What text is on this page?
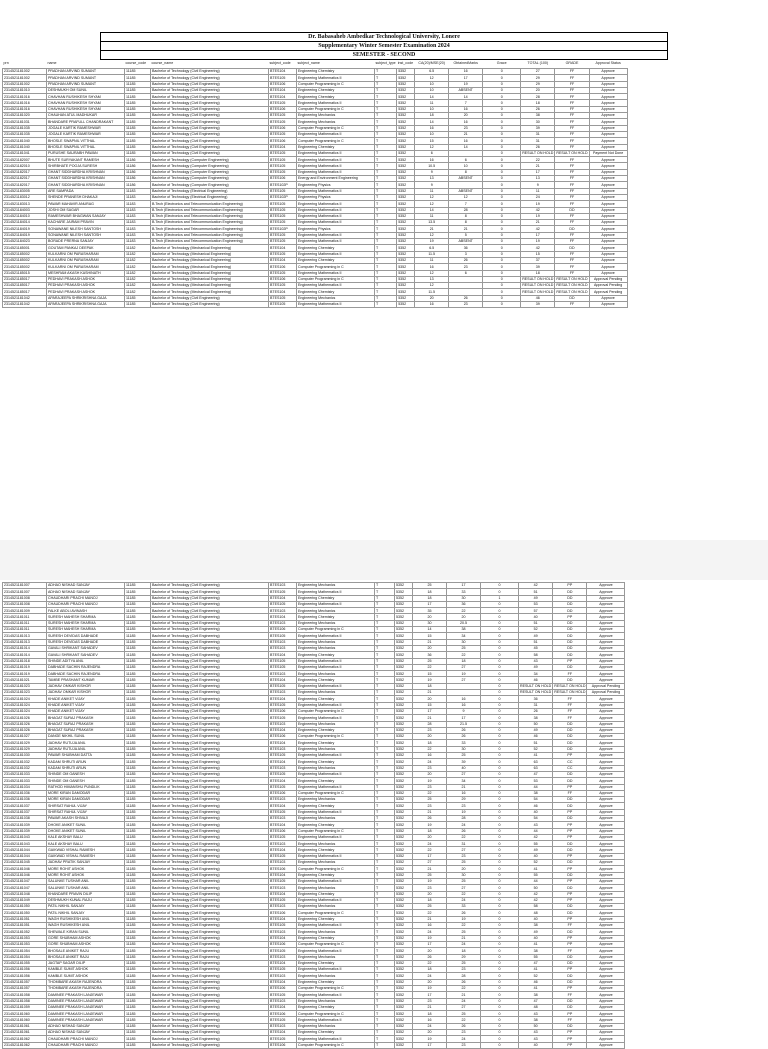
Dr. Babasaheb Ambedkar Technological University, Lonere
Supplementary Winter Semester Examination 2024
SEMESTER - SECOND
prn	name	course_code	course_name	subject_code	subject_name	subject_type	inst_code	CA(20)/MSE(20)	ObtainedMarks	Grace	TOTAL (100)	GRADE	Approval Status
2314521181002	PRADHAN ARVIND SUMANT	11185	Bachelor of Technology (Civil Engineering)	BTES104	Engineering Chemistry	T	5352	6.5	16	0	27	FF	Approve
2314521181002	PRADHAN ARVIND SUMANT	11185	Bachelor of Technology (Civil Engineering)	BTES105	Engineering Mathematics II	T	5352	12	17	0	29	FF	Approve
2314521181002	PRADHAN ARVIND SUMANT	11185	Bachelor of Technology (Civil Engineering)	BTES106	Computer Programming in C	T	5352	10	19	0	29	FF	Approve
2314521181010	DESHMUKH OM SUNIL	11185	Bachelor of Technology (Civil Engineering)	BTES104	Engineering Chemistry	T	5352	10	ABSENT	0	20	FF	Approve
2314521181016	CHAVHAN RUSHIKESH SHYAM	11185	Bachelor of Technology (Civil Engineering)	BTES104	Engineering Chemistry	T	5352	14	14	0	28	FF	Approve
2314521181016	CHAVHAN RUSHIKESH SHYAM	11185	Bachelor of Technology (Civil Engineering)	BTES105	Engineering Mathematics II	T	5352	11	7	0	18	FF	Approve
2314521181016	CHAVHAN RUSHIKESH SHYAM	11185	Bachelor of Technology (Civil Engineering)	BTES106	Computer Programming in C	T	5352	10	16	0	26	FF	Approve
2314521181020	CHAUHAN ATUL MADHUKAR	11185	Bachelor of Technology (Civil Engineering)	BTES105	Engineering Mechanics	T	5352	18	20	0	38	FF	Approve
2314521181031	BHANDARE PRAFULL CHANDRAKANT	11185	Bachelor of Technology (Civil Engineering)	BTES105	Engineering Mechanics	T	5352	14	16	0	30	FF	Approve
2314521181035	JOGALE KARTIK RAMESHWAR	11185	Bachelor of Technology (Civil Engineering)	BTES106	Computer Programming in C	T	5352	16	23	0	39	FF	Approve
2314521181035	JOGALE KARTIK RAMESHWAR	11185	Bachelor of Technology (Civil Engineering)	BTES105	Engineering Mathematics II	T	5352	10	21	0	31	FF	Approve
2314521181040	BHOSLE SWAPNIL VITTHAL	11185	Bachelor of Technology (Civil Engineering)	BTES106	Computer Programming in C	T	5352	15	16	0	31	FF	Approve
2314521181040	BHOSLE SWAPNIL VITTHAL	11185	Bachelor of Technology (Civil Engineering)	BTES104	Engineering Chemistry	T	5352	12	14	0	26	FF	Approve
2314521181041	PURUSHE SAURABH PAWAN	11185	Bachelor of Technology (Civil Engineering)	BTES105	Engineering Mathematics II	T	5352	6		0	RESULT ON HOLD	RESULT ON HOLD	Payment Not Done
2314521182007	BHUTE SURYAKANT RAMESH	11186	Bachelor of Technology (Computer Engineering)	BTES105	Engineering Mathematics II	T	5352	16	6	0	22	FF	Approve
2314521182010	SHIRBHATE POOJA SURESH	11186	Bachelor of Technology (Computer Engineering)	BTES105	Engineering Mathematics II	T	5352	10.5	10	0	21	FF	Approve
2314521182017	GHANT SIDDHARDHA KRISHNAN	11186	Bachelor of Technology (Computer Engineering)	BTES105	Engineering Mathematics II	T	5352	9	8	0	17	FF	Approve
2314521182017	GHANT SIDDHARDHA KRISHNAN	11186	Bachelor of Technology (Computer Engineering)	BTES106	Energy and Environment Engineering	T	5352	13	ABSENT	0	13	FF	Approve
2314521182017	GHANT SIDDHARDHA KRISHNAN	11186	Bachelor of Technology (Computer Engineering)	BTES102P	Engineering Physics	T	5352	9		0	9	FF	Approve
2314521183005	ARE SAMPADA	11183	Bachelor of Technology (Electrical Engineering)	BTES105	Engineering Mathematics II	T	5352	11	ABSENT	0	11	FF	Approve
2314521183012	SHENDE PRANESH DHAKAJI	11183	Bachelor of Technology (Electrical Engineering)	BTES102P	Engineering Physics	T	5352	12	12	0	24	FF	Approve
2314521183013	PAWAR MAHAVIR ANURAG	11183	B.Tech (Electronics and Telecommunication Engineering)	BTES105	Engineering Mathematics II	T	5352	12	7	0	19	FF	Approve
2314521184003	JOSHI OM SAGAR	11183	B.Tech (Electronics and Telecommunication Engineering)	BTES105	Engineering Mathematics II	T	5352	14	28	0	42	DD	Approve
2314521184010	RAMESHWAR BHAGWAN SANJAY	11183	B.Tech (Electronics and Telecommunication Engineering)	BTES105	Engineering Mathematics II	T	5352	11	8	0	19	FF	Approve
2314521184014	KACHARE JAIRAM PRAVIN	11183	B.Tech (Electronics and Telecommunication Engineering)	BTES105	Engineering Mathematics II	T	5352	13.5	8	0	21	FF	Approve
2314521184019	SONAWANE NILESH SANTOSH	11183	B.Tech (Electronics and Telecommunication Engineering)	BTES102P	Engineering Physics	T	5352	21	21	0	42	DD	Approve
2314521184019	SONAWANE NILESH SANTOSH	11183	B.Tech (Electronics and Telecommunication Engineering)	BTES105	Engineering Mathematics II	T	5352	12	5	0	17	FF	Approve
2314521184023	BORADE PRERNA SANJAY	11183	B.Tech (Electronics and Telecommunication Engineering)	BTES105	Engineering Mathematics II	T	5352	19	ABSENT	0	19	FF	Approve
2314521185001	GOUTAM PANKAJ DEEPAK	11182	Bachelor of Technology (Mechanical Engineering)	BTES104	Engineering Chemistry	T	5352	6.5	36	0	42	DD	Approve
2314521185002	KULKARNI OM PARASHARAM	11182	Bachelor of Technology (Mechanical Engineering)	BTES105	Engineering Mathematics II	T	5352	11.5	3	0	15	FF	Approve
2314521185002	KULKARNI OM PARASHARAM	11182	Bachelor of Technology (Mechanical Engineering)	BTES104	Engineering Chemistry	T	5352	11	26	0	37	FF	Approve
2314521185002	KULKARNI OM PARASHARAM	11182	Bachelor of Technology (Mechanical Engineering)	BTES106	Computer Programming in C	T	5352	16	23	0	39	FF	Approve
2314521185015	MESHRAM AKASH KASHINATH	11182	Bachelor of Technology (Mechanical Engineering)	BTES105	Engineering Mathematics II	T	5352	12	6	0	18	FF	Approve
2314521185017	PEDHAVI PRAKASH ASHOK	11182	Bachelor of Technology (Mechanical Engineering)	BTES106	Computer Programming in C	T	5352	13		0	RESULT ON HOLD	RESULT ON HOLD	Approval Pending
2314521185017	PEDHAVI PRAKASH ASHOK	11182	Bachelor of Technology (Mechanical Engineering)	BTES105	Engineering Mathematics II	T	5352	12		0	RESULT ON HOLD	RESULT ON HOLD	Approval Pending
2314521185017	PEDHAVI PRAKASH ASHOK	11182	Bachelor of Technology (Mechanical Engineering)	BTES104	Engineering Chemistry	T	5352	11.5		0	RESULT ON HOLD	RESULT ON HOLD	Approval Pending
2314521181042	APARAJEEPA SHRIKRISHNA GAJA	11185	Bachelor of Technology (Civil Engineering)	BTES105	Engineering Mechanics	T	5352	20	26	0	46	DD	Approve
2314521181042	APARAJEEPA SHRIKRISHNA GAJA	11185	Bachelor of Technology (Civil Engineering)	BTES105	Engineering Mathematics II	T	5352	16	23	0	39	FF	Approve
2314521181007	ADHAO NISHAD SANJAY	11185	Bachelor of Technology (Civil Engineering)	BTES103	Engineering Mechanics	T	5352	25	17	0	42	PP	Approve
2314521181007	ADHAO NISHAD SANJAY	11185	Bachelor of Technology (Civil Engineering)	BTES105	Engineering Mathematics II	T	5352	18	33	0	51	DD	Approve
2314521181008	CHAUDHARI PRACHI MANOJ	11185	Bachelor of Technology (Civil Engineering)	BTES104	Engineering Chemistry	T	5352	18	30	1	49	DD	Approve
2314521181008	CHAUDHARI PRACHI MANOJ	11185	Bachelor of Technology (Civil Engineering)	BTES105	Engineering Mathematics II	T	5352	17	36	0	53	DD	Approve
2314521181009	FALKE ABOLI AVINASH	11185	Bachelor of Technology (Civil Engineering)	BTES103	Engineering Mechanics	T	5352	35	22	0	57	DD	Approve
2314521181011	SURESH MAHESH SHARMA	11185	Bachelor of Technology (Civil Engineering)	BTES104	Engineering Chemistry	T	5352	20	20	0	40	PP	Approve
2314521181011	SURESH MAHESH SHARMA	11185	Bachelor of Technology (Civil Engineering)	BTES103	Engineering Mechanics	T	5352	30	20.5	0	51	DD	Approve
2314521181011	SURESH MAHESH SHARMA	11185	Bachelor of Technology (Civil Engineering)	BTES106	Computer Programming in C	T	5352	14	38	0	52	DD	Approve
2314521181013	SURESH DEVIDAS DABHADE	11185	Bachelor of Technology (Civil Engineering)	BTES105	Engineering Mathematics II	T	5352	15	34	0	49	DD	Approve
2314521181013	SURESH DEVIDAS DABHADE	11185	Bachelor of Technology (Civil Engineering)	BTES103	Engineering Mechanics	T	5352	21	30	0	51	DD	Approve
2314521181014	GAVALI SHRIKANT SAHADEV	11185	Bachelor of Technology (Civil Engineering)	BTES103	Engineering Mechanics	T	5352	20	25	0	45	DD	Approve
2314521181014	GAVALI SHRIKANT SAHADEV	11185	Bachelor of Technology (Civil Engineering)	BTES104	Engineering Chemistry	T	5352	36	22	0	58	DD	Approve
2314521181018	SHINDE ADITYA ANIL	11185	Bachelor of Technology (Civil Engineering)	BTES105	Engineering Mathematics II	T	5352	25	18	0	43	PP	Approve
2314521181019	DABHADE SACHIN RAJENDRA	11185	Bachelor of Technology (Civil Engineering)	BTES105	Engineering Mathematics II	T	5352	22	27	0	49	DD	Approve
2314521181019	DABHADE SACHIN RAJENDRA	11185	Bachelor of Technology (Civil Engineering)	BTES103	Engineering Mechanics	T	5352	15	19	0	34	FF	Approve
2314521181021	TAMBE PRASHANT KUMAR	11185	Bachelor of Technology (Civil Engineering)	BTES104	Engineering Chemistry	T	5352	19	27	0	46	DD	Approve
2314521181023	JADHAV OMKAR KISHOR	11185	Bachelor of Technology (Civil Engineering)	BTES105	Engineering Mathematics II	T	5352	18		0	RESULT ON HOLD	RESULT ON HOLD	Approval Pending
2314521181023	JADHAV OMKAR KISHOR	11185	Bachelor of Technology (Civil Engineering)	BTES103	Engineering Mechanics	T	5352	21		0	RESULT ON HOLD	RESULT ON HOLD	Approval Pending
2314521181024	KHADE ANIKET VIJAY	11185	Bachelor of Technology (Civil Engineering)	BTES104	Engineering Chemistry	T	5352	20	16	0	36	FF	Approve
2314521181024	KHADE ANIKET VIJAY	11185	Bachelor of Technology (Civil Engineering)	BTES105	Engineering Mathematics II	T	5352	15	16	0	31	FF	Approve
2314521181024	KHADE ANIKET VIJAY	11185	Bachelor of Technology (Civil Engineering)	BTES106	Computer Programming in C	T	5352	17	9	0	26	FF	Approve
2314521181026	BHAGAT SURAJ PRAKASH	11185	Bachelor of Technology (Civil Engineering)	BTES105	Engineering Mathematics II	T	5352	21	17	0	38	FF	Approve
2314521181026	BHAGAT SURAJ PRAKASH	11185	Bachelor of Technology (Civil Engineering)	BTES103	Engineering Mechanics	T	5352	28	21.5	0	50	DD	Approve
2314521181026	BHAGAT SURAJ PRAKASH	11185	Bachelor of Technology (Civil Engineering)	BTES104	Engineering Chemistry	T	5352	23	26	0	49	DD	Approve
2314521181027	DANGE NIKHIL SUNIL	11185	Bachelor of Technology (Civil Engineering)	BTES106	Computer Programming in C	T	5352	20	26	0	46	DD	Approve
2314521181029	JADHAV RUTUJA ANIL	11185	Bachelor of Technology (Civil Engineering)	BTES104	Engineering Chemistry	T	5352	18	33	0	51	DD	Approve
2314521181029	JADHAV RUTUJA ANIL	11185	Bachelor of Technology (Civil Engineering)	BTES103	Engineering Mechanics	T	5352	22	30	0	52	DD	Approve
2314521181030	PAWAR SHUBHAM DATTA	11185	Bachelor of Technology (Civil Engineering)	BTES105	Engineering Mathematics II	T	5352	16	25	0	41	PP	Approve
2314521181032	KADAM SHRUTI ARUN	11185	Bachelor of Technology (Civil Engineering)	BTES104	Engineering Chemistry	T	5352	24	39	0	63	CC	Approve
2314521181032	KADAM SHRUTI ARUN	11185	Bachelor of Technology (Civil Engineering)	BTES103	Engineering Mechanics	T	5352	23	40	0	63	CC	Approve
2314521181033	SHINDE OM GANESH	11185	Bachelor of Technology (Civil Engineering)	BTES105	Engineering Mathematics II	T	5352	20	27	0	47	DD	Approve
2314521181033	SHINDE OM GANESH	11185	Bachelor of Technology (Civil Engineering)	BTES104	Engineering Chemistry	T	5352	19	34	0	53	DD	Approve
2314521181034	RATHOD HIMANSHU PUNDLIK	11185	Bachelor of Technology (Civil Engineering)	BTES105	Engineering Mathematics II	T	5352	23	21	0	44	PP	Approve
2314521181036	MORE KIRAN DAMODAR	11185	Bachelor of Technology (Civil Engineering)	BTES106	Computer Programming in C	T	5352	22	16	0	38	FF	Approve
2314521181036	MORE KIRAN DAMODAR	11185	Bachelor of Technology (Civil Engineering)	BTES103	Engineering Mechanics	T	5352	25	29	0	54	DD	Approve
2314521181037	SHIRSAT RAHUL VIJAY	11185	Bachelor of Technology (Civil Engineering)	BTES104	Engineering Chemistry	T	5352	23	23	0	46	DD	Approve
2314521181037	SHIRSAT RAHUL VIJAY	11185	Bachelor of Technology (Civil Engineering)	BTES105	Engineering Mathematics II	T	5352	21	19	0	40	PP	Approve
2314521181038	PAWAR AKASH SHIVAJI	11185	Bachelor of Technology (Civil Engineering)	BTES103	Engineering Mechanics	T	5352	26	28	0	54	DD	Approve
2314521181039	DHOKE ANIKET SUNIL	11185	Bachelor of Technology (Civil Engineering)	BTES104	Engineering Chemistry	T	5352	19	24	0	43	PP	Approve
2314521181039	DHOKE ANIKET SUNIL	11185	Bachelor of Technology (Civil Engineering)	BTES106	Computer Programming in C	T	5352	18	26	0	44	PP	Approve
2314521181043	KALE AKSHAY BALU	11185	Bachelor of Technology (Civil Engineering)	BTES105	Engineering Mathematics II	T	5352	20	22	0	42	PP	Approve
2314521181043	KALE AKSHAY BALU	11185	Bachelor of Technology (Civil Engineering)	BTES103	Engineering Mechanics	T	5352	24	31	0	55	DD	Approve
2314521181044	GAIKWAD VISHAL RAMESH	11185	Bachelor of Technology (Civil Engineering)	BTES104	Engineering Chemistry	T	5352	22	27	0	49	DD	Approve
2314521181044	GAIKWAD VISHAL RAMESH	11185	Bachelor of Technology (Civil Engineering)	BTES105	Engineering Mathematics II	T	5352	17	23	0	40	PP	Approve
2314521181045	JADHAV PRATIK SANJAY	11185	Bachelor of Technology (Civil Engineering)	BTES103	Engineering Mechanics	T	5352	27	25	0	52	DD	Approve
2314521181046	MORE ROHIT ASHOK	11185	Bachelor of Technology (Civil Engineering)	BTES106	Computer Programming in C	T	5352	21	20	0	41	PP	Approve
2314521181046	MORE ROHIT ASHOK	11185	Bachelor of Technology (Civil Engineering)	BTES104	Engineering Chemistry	T	5352	25	30	0	55	DD	Approve
2314521181047	SALUNKE TUSHAR ANIL	11185	Bachelor of Technology (Civil Engineering)	BTES105	Engineering Mathematics II	T	5352	19	25	0	44	PP	Approve
2314521181047	SALUNKE TUSHAR ANIL	11185	Bachelor of Technology (Civil Engineering)	BTES103	Engineering Mechanics	T	5352	23	27	0	50	DD	Approve
2314521181048	KHANDARE PRAVIN DILIP	11185	Bachelor of Technology (Civil Engineering)	BTES104	Engineering Chemistry	T	5352	20	22	0	42	PP	Approve
2314521181049	DESHMUKH KUNAL RAJU	11185	Bachelor of Technology (Civil Engineering)	BTES105	Engineering Mathematics II	T	5352	18	24	0	42	PP	Approve
2314521181050	PATIL NIKHIL SANJAY	11185	Bachelor of Technology (Civil Engineering)	BTES103	Engineering Mechanics	T	5352	25	33	0	58	DD	Approve
2314521181050	PATIL NIKHIL SANJAY	11185	Bachelor of Technology (Civil Engineering)	BTES106	Computer Programming in C	T	5352	22	26	0	48	DD	Approve
2314521181051	WAGH RUSHIKESH ANIL	11185	Bachelor of Technology (Civil Engineering)	BTES104	Engineering Chemistry	T	5352	21	19	0	40	PP	Approve
2314521181051	WAGH RUSHIKESH ANIL	11185	Bachelor of Technology (Civil Engineering)	BTES105	Engineering Mathematics II	T	5352	16	22	0	38	FF	Approve
2314521181052	SHEWALE KIRAN SUNIL	11185	Bachelor of Technology (Civil Engineering)	BTES103	Engineering Mechanics	T	5352	24	25	0	49	DD	Approve
2314521181053	GORE SHUBHAM ASHOK	11185	Bachelor of Technology (Civil Engineering)	BTES104	Engineering Chemistry	T	5352	19	21	0	40	PP	Approve
2314521181053	GORE SHUBHAM ASHOK	11185	Bachelor of Technology (Civil Engineering)	BTES106	Computer Programming in C	T	5352	17	24	0	41	PP	Approve
2314521181054	BHOSALE ANIKET RAJU	11185	Bachelor of Technology (Civil Engineering)	BTES105	Engineering Mathematics II	T	5352	20	18	0	38	FF	Approve
2314521181054	BHOSALE ANIKET RAJU	11185	Bachelor of Technology (Civil Engineering)	BTES103	Engineering Mechanics	T	5352	26	29	0	55	DD	Approve
2314521181055	JAGTAP SAGAR DILIP	11185	Bachelor of Technology (Civil Engineering)	BTES104	Engineering Chemistry	T	5352	22	25	0	47	DD	Approve
2314521181056	KAMBLE SUMIT ASHOK	11185	Bachelor of Technology (Civil Engineering)	BTES105	Engineering Mathematics II	T	5352	18	23	0	41	PP	Approve
2314521181056	KAMBLE SUMIT ASHOK	11185	Bachelor of Technology (Civil Engineering)	BTES103	Engineering Mechanics	T	5352	24	28	0	52	DD	Approve
2314521181057	THOMBARE AKASH RAJENDRA	11185	Bachelor of Technology (Civil Engineering)	BTES104	Engineering Chemistry	T	5352	20	26	0	46	DD	Approve
2314521181057	THOMBARE AKASH RAJENDRA	11185	Bachelor of Technology (Civil Engineering)	BTES106	Computer Programming in C	T	5352	19	22	0	41	PP	Approve
2314521181058	DAMINEE PRAKASH LANJEWAR	11185	Bachelor of Technology (Civil Engineering)	BTES105	Engineering Mathematics II	T	5352	17	21	0	38	FF	Approve
2314521181058	DAMINEE PRAKASH LANJEWAR	11185	Bachelor of Technology (Civil Engineering)	BTES103	Engineering Mechanics	T	5352	23	24	0	47	DD	Approve
2314521181059	DAMINEE PRAKASH LANJEWAR	11185	Bachelor of Technology (Civil Engineering)	BTES104	Engineering Chemistry	T	5352	21	27	0	48	DD	Approve
2314521181060	DAMINEE PRAKASH LANJEWAR	11185	Bachelor of Technology (Civil Engineering)	BTES106	Computer Programming in C	T	5352	18	25	0	43	PP	Approve
2314521181060	DAMINEE PRAKASH LANJEWAR	11185	Bachelor of Technology (Civil Engineering)	BTES105	Engineering Mathematics II	T	5352	16	22	0	38	FF	Approve
2314521181061	ADHAO NISHAD SANJAY	11185	Bachelor of Technology (Civil Engineering)	BTES103	Engineering Mechanics	T	5352	24	26	0	50	DD	Approve
2314521181061	ADHAO NISHAD SANJAY	11185	Bachelor of Technology (Civil Engineering)	BTES104	Engineering Chemistry	T	5352	20	23	0	43	PP	Approve
2314521181062	CHAUDHARI PRACHI MANOJ	11185	Bachelor of Technology (Civil Engineering)	BTES105	Engineering Mathematics II	T	5352	19	24	0	43	PP	Approve
2314521181062	CHAUDHARI PRACHI MANOJ	11185	Bachelor of Technology (Civil Engineering)	BTES106	Computer Programming in C	T	5352	17	23	0	40	PP	Approve
